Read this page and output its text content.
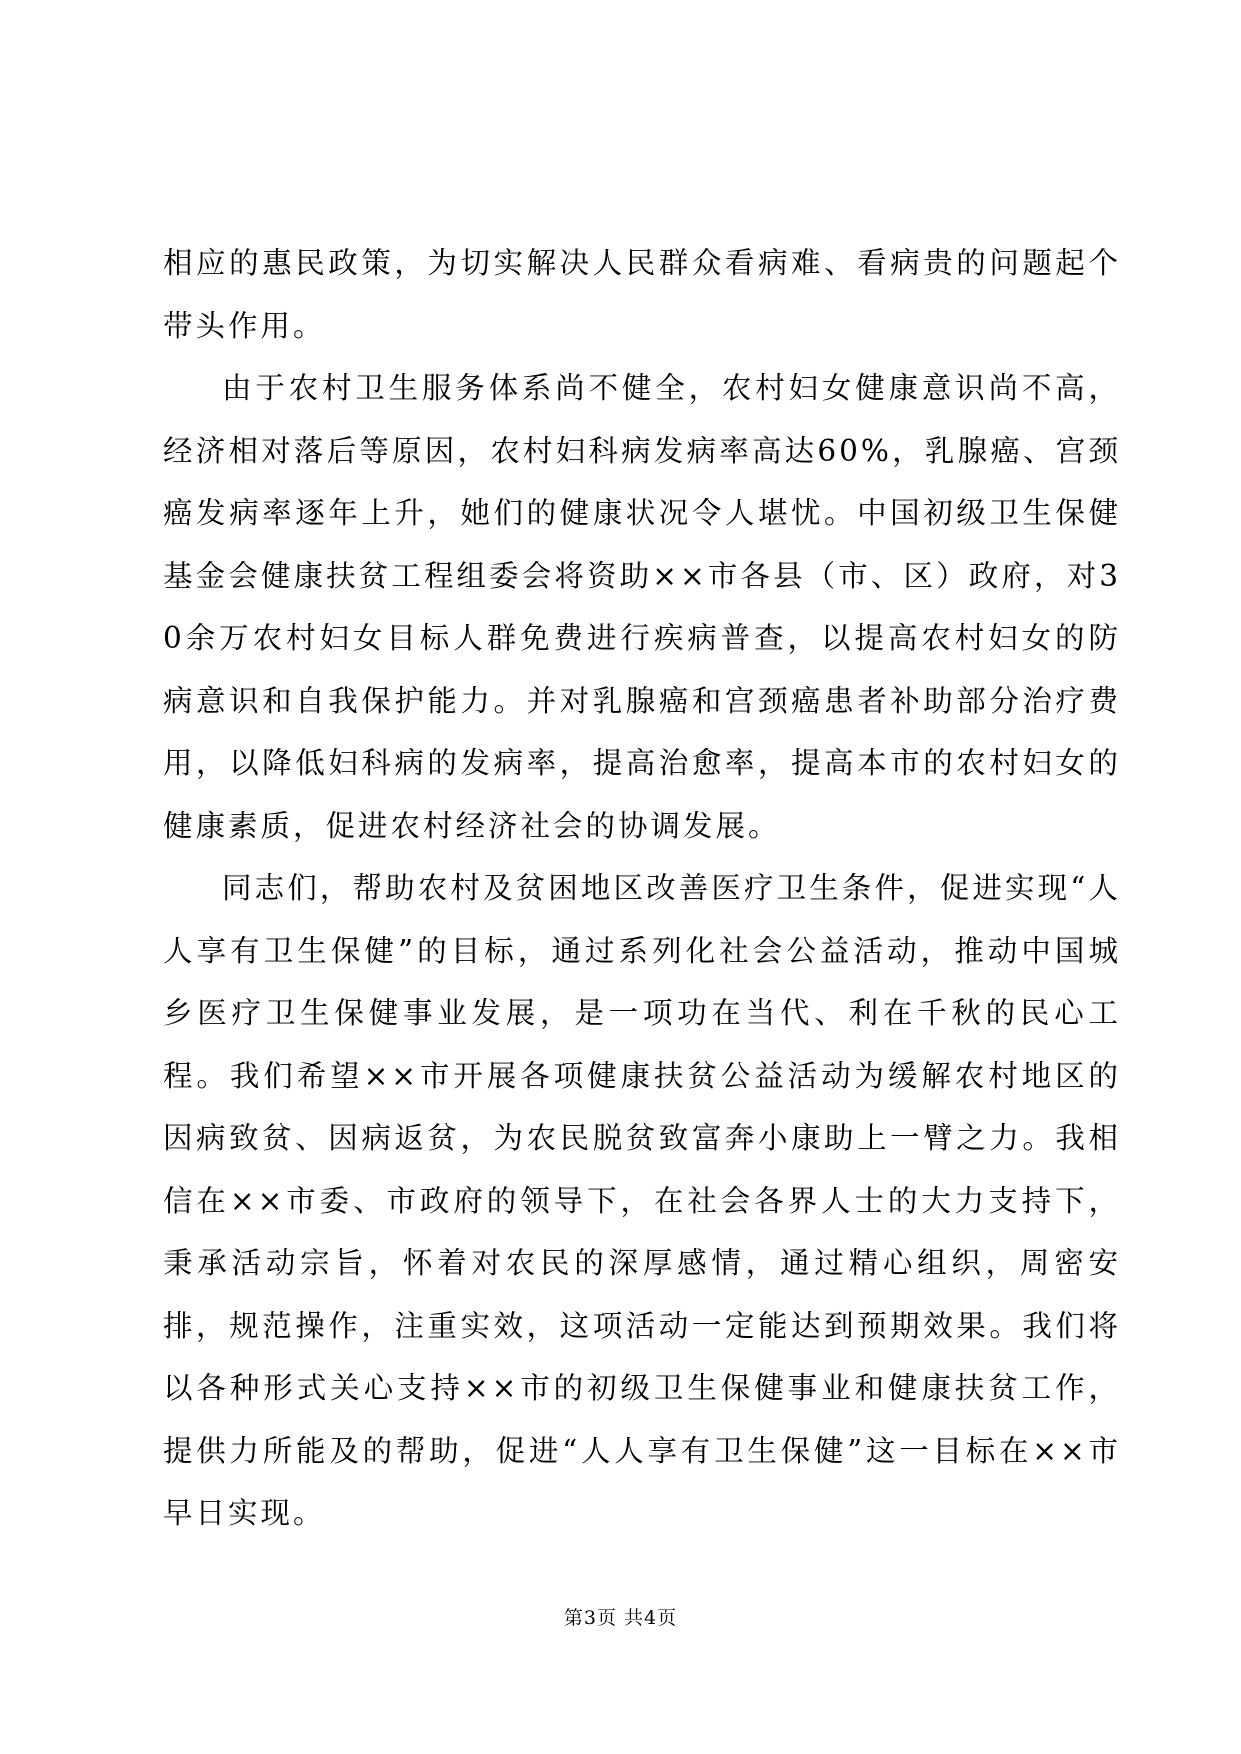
相应的惠民政策，为切实解决人民群众看病难、看病贵的问题起个带头作用。

由于农村卫生服务体系尚不健全，农村妇女健康意识尚不高，经济相对落后等原因，农村妇科病发病率高达60%，乳腺癌、宫颈癌发病率逐年上升，她们的健康状况令人堪忧。中国初级卫生保健基金会健康扶贫工程组委会将资助××市各县（市、区）政府，对30余万农村妇女目标人群免费进行疾病普查，以提高农村妇女的防病意识和自我保护能力。并对乳腺癌和宫颈癌患者补助部分治疗费用，以降低妇科病的发病率，提高治愈率，提高本市的农村妇女的健康素质，促进农村经济社会的协调发展。

同志们，帮助农村及贫困地区改善医疗卫生条件，促进实现“人人享有卫生保健”的目标，通过系列化社会公益活动，推动中国城乡医疗卫生保健事业发展，是一项功在当代、利在千秋的民心工程。我们希望××市开展各项健康扶贫公益活动为缓解农村地区的因病致贫、因病返贫，为农民脱贫致富奔小康助上一臂之力。我相信在××市委、市政府的领导下，在社会各界人士的大力支持下，秉承活动宗旨，怀着对农民的深厚感情，通过精心组织，周密安排，规范操作，注重实效，这项活动一定能达到预期效果。我们将以各种形式关心支持××市的初级卫生保健事业和健康扶贫工作，提供力所能及的帮助，促进“人人享有卫生保健”这一目标在××市早日实现。

第3页 共4页
